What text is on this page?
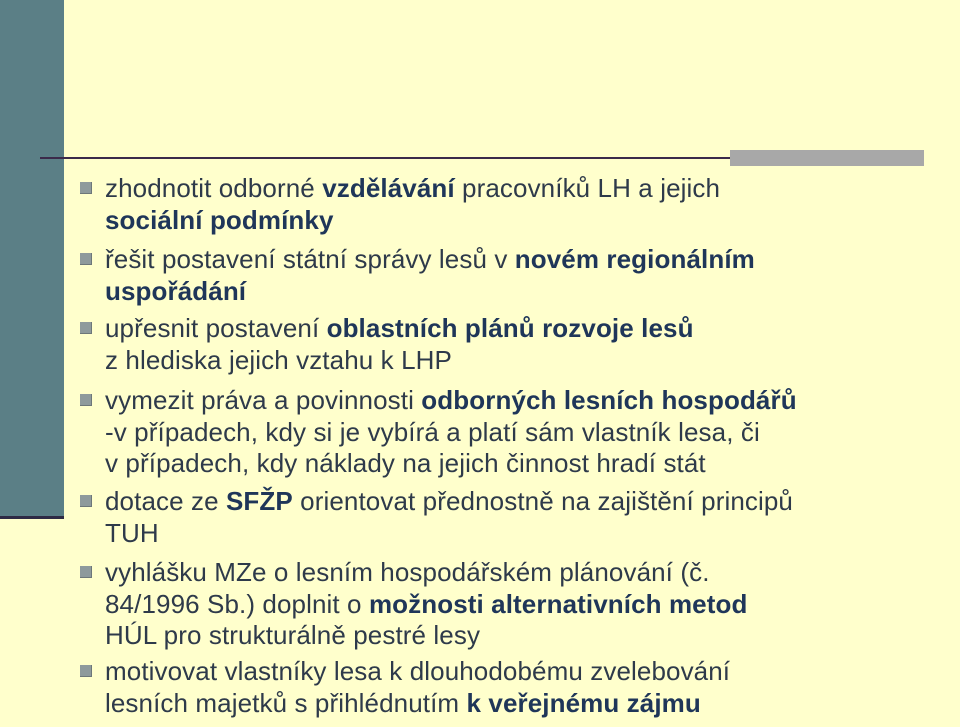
zhodnotit odborné vzdělávání pracovníků LH a jejich
sociální podmínky
řešit postavení státní správy lesů v novém regionálním
uspořádání
upřesnit postavení oblastních plánů rozvoje lesů
z hlediska jejich vztahu k LHP
vymezit práva a povinnosti odborných lesních hospodářů
-v případech, kdy si je vybírá a platí sám vlastník lesa, či
v případech, kdy náklady na jejich činnost hradí stát
dotace ze SFŽP orientovat přednostně na zajištění principů
TUH
vyhlášku MZe o lesním hospodářském plánování (č.
84/1996 Sb.) doplnit o možnosti alternativních metod
HÚL pro strukturálně pestré lesy
motivovat vlastníky lesa k dlouhodobému zvelebování
lesních majetků s přihlédnutím k veřejnému zájmu
